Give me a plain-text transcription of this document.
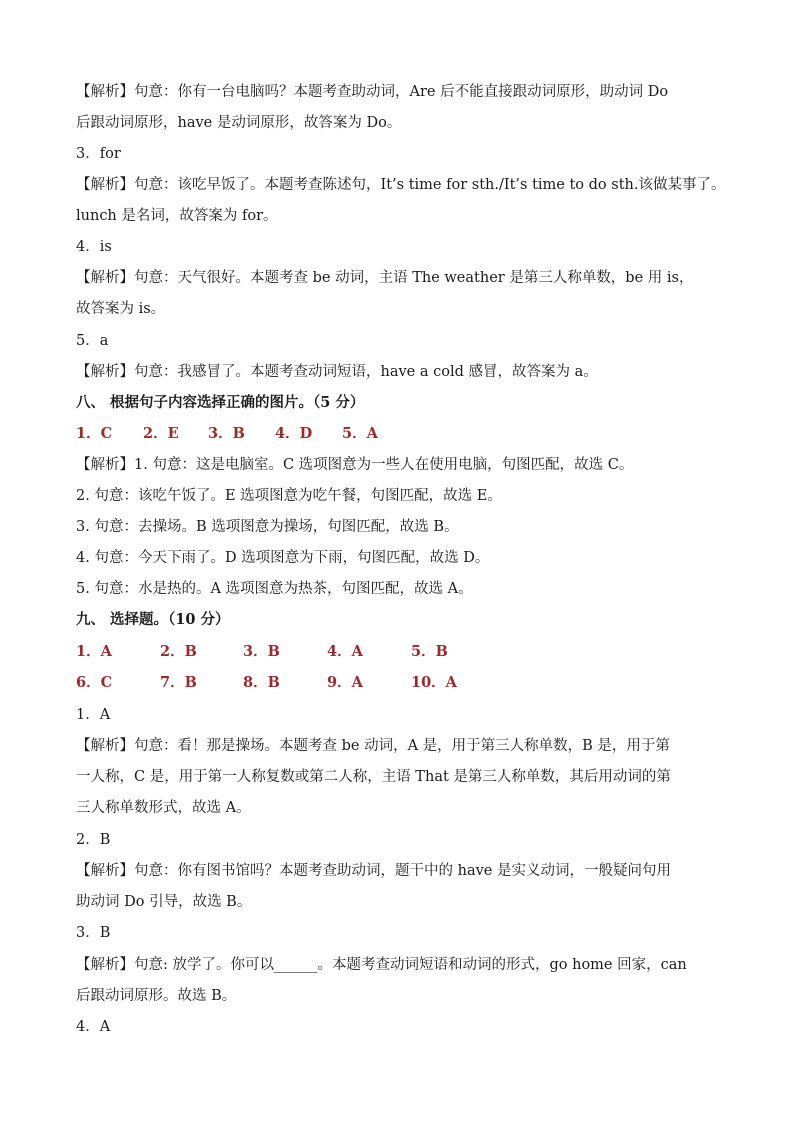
【解析】句意：你有一台电脑吗？本题考查助动词，Are 后不能直接跟动词原形，助动词 Do
后跟动词原形，have 是动词原形，故答案为 Do。
3．for
【解析】句意：该吃早饭了。本题考查陈述句，It’s time for sth./It’s time to do sth.该做某事了。
lunch 是名词，故答案为 for。
4．is
【解析】句意：天气很好。本题考查 be 动词，主语 The weather 是第三人称单数，be 用 is，
故答案为 is。
5．a
【解析】句意：我感冒了。本题考查动词短语，have a cold 感冒，故答案为 a。
八、 根据句子内容选择正确的图片。（5 分）
1．C 2．E 3．B 4．D 5．A
【解析】1. 句意：这是电脑室。C 选项图意为一些人在使用电脑，句图匹配，故选 C。
2. 句意：该吃午饭了。E 选项图意为吃午餐，句图匹配，故选 E。
3. 句意：去操场。B 选项图意为操场，句图匹配，故选 B。
4. 句意：今天下雨了。D 选项图意为下雨，句图匹配，故选 D。
5. 句意：水是热的。A 选项图意为热茶，句图匹配，故选 A。
九、 选择题。（10 分）
1．A	2．B	3．B	4．A	5．B
6．C	7．B	8．B	9．A	10．A
1．A
【解析】句意：看！那是操场。本题考查 be 动词，A 是，用于第三人称单数，B 是，用于第
一人称，C 是，用于第一人称复数或第二人称，主语 That 是第三人称单数，其后用动词的第
三人称单数形式，故选 A。
2．B
【解析】句意：你有图书馆吗？本题考查助动词，题干中的 have 是实义动词，一般疑问句用
助动词 Do 引导，故选 B。
3．B
【解析】句意: 放学了。你可以______。本题考查动词短语和动词的形式，go home 回家，can
后跟动词原形。故选 B。
4．A
